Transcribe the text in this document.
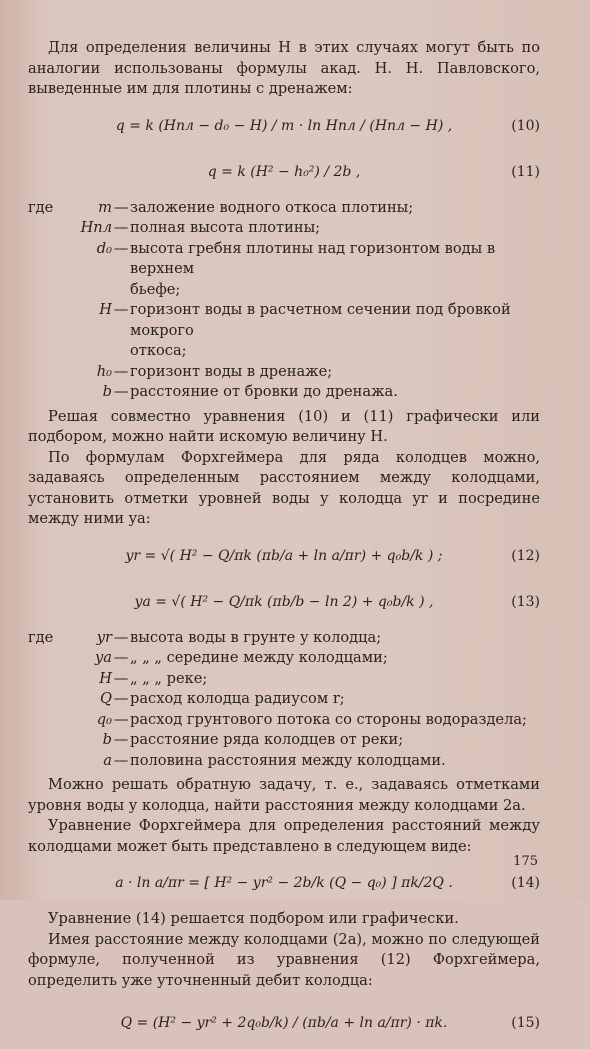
Для определения величины H в этих случаях могут быть по аналогии использованы формулы акад. Н. Н. Павловского, выведенные им для плотины с дренажем:

q = k (Hпл − d₀ − H) / m · ln Hпл / (Hпл − H) ,	(10)
q = k (H² − h₀²) / 2b ,	(11)
где	m — заложение водного откоса плотины;
Hпл — полная высота плотины;
d₀ — высота гребня плотины над горизонтом воды в верхнем
бьефе;
H — горизонт воды в расчетном сечении под бровкой мокрого
откоса;
h₀ — горизонт воды в дренаже;
b — расстояние от бровки до дренажа.

Решая совместно уравнения (10) и (11) графически или подбором, можно найти искомую величину H.

По формулам Форхгеймера для ряда колодцев можно, задаваясь определенным расстоянием между колодцами, установить отметки уровней воды у колодца yr и посредине между ними ya:

yr = √( H² − Q/πk (πb/a + ln a/πr) + q₀b/k ) ;	(12)
ya = √( H² − Q/πk (πb/b − ln 2) + q₀b/k ) ,	(13)
где	yr — высота воды в грунте у колодца;
ya — „ „ „ середине между колодцами;
H — „ „ „ реке;
Q — расход колодца радиусом r;
q₀ — расход грунтового потока со стороны водораздела;
b — расстояние ряда колодцев от реки;
a — половина расстояния между колодцами.

Можно решать обратную задачу, т. е., задаваясь отметками уровня воды у колодца, найти расстояния между колодцами 2a.

Уравнение Форхгеймера для определения расстояний между колодцами может быть представлено в следующем виде:

a · ln a/πr = [ H² − yr² − 2b/k (Q − q₀) ] πk/2Q .	(14)

Уравнение (14) решается подбором или графически.

Имея расстояние между колодцами (2a), можно по следующей формуле, полученной из уравнения (12) Форхгеймера, определить уже уточненный дебит колодца:

Q = (H² − yr² + 2q₀b/k) / (πb/a + ln a/πr) · πk.	(15)
175
